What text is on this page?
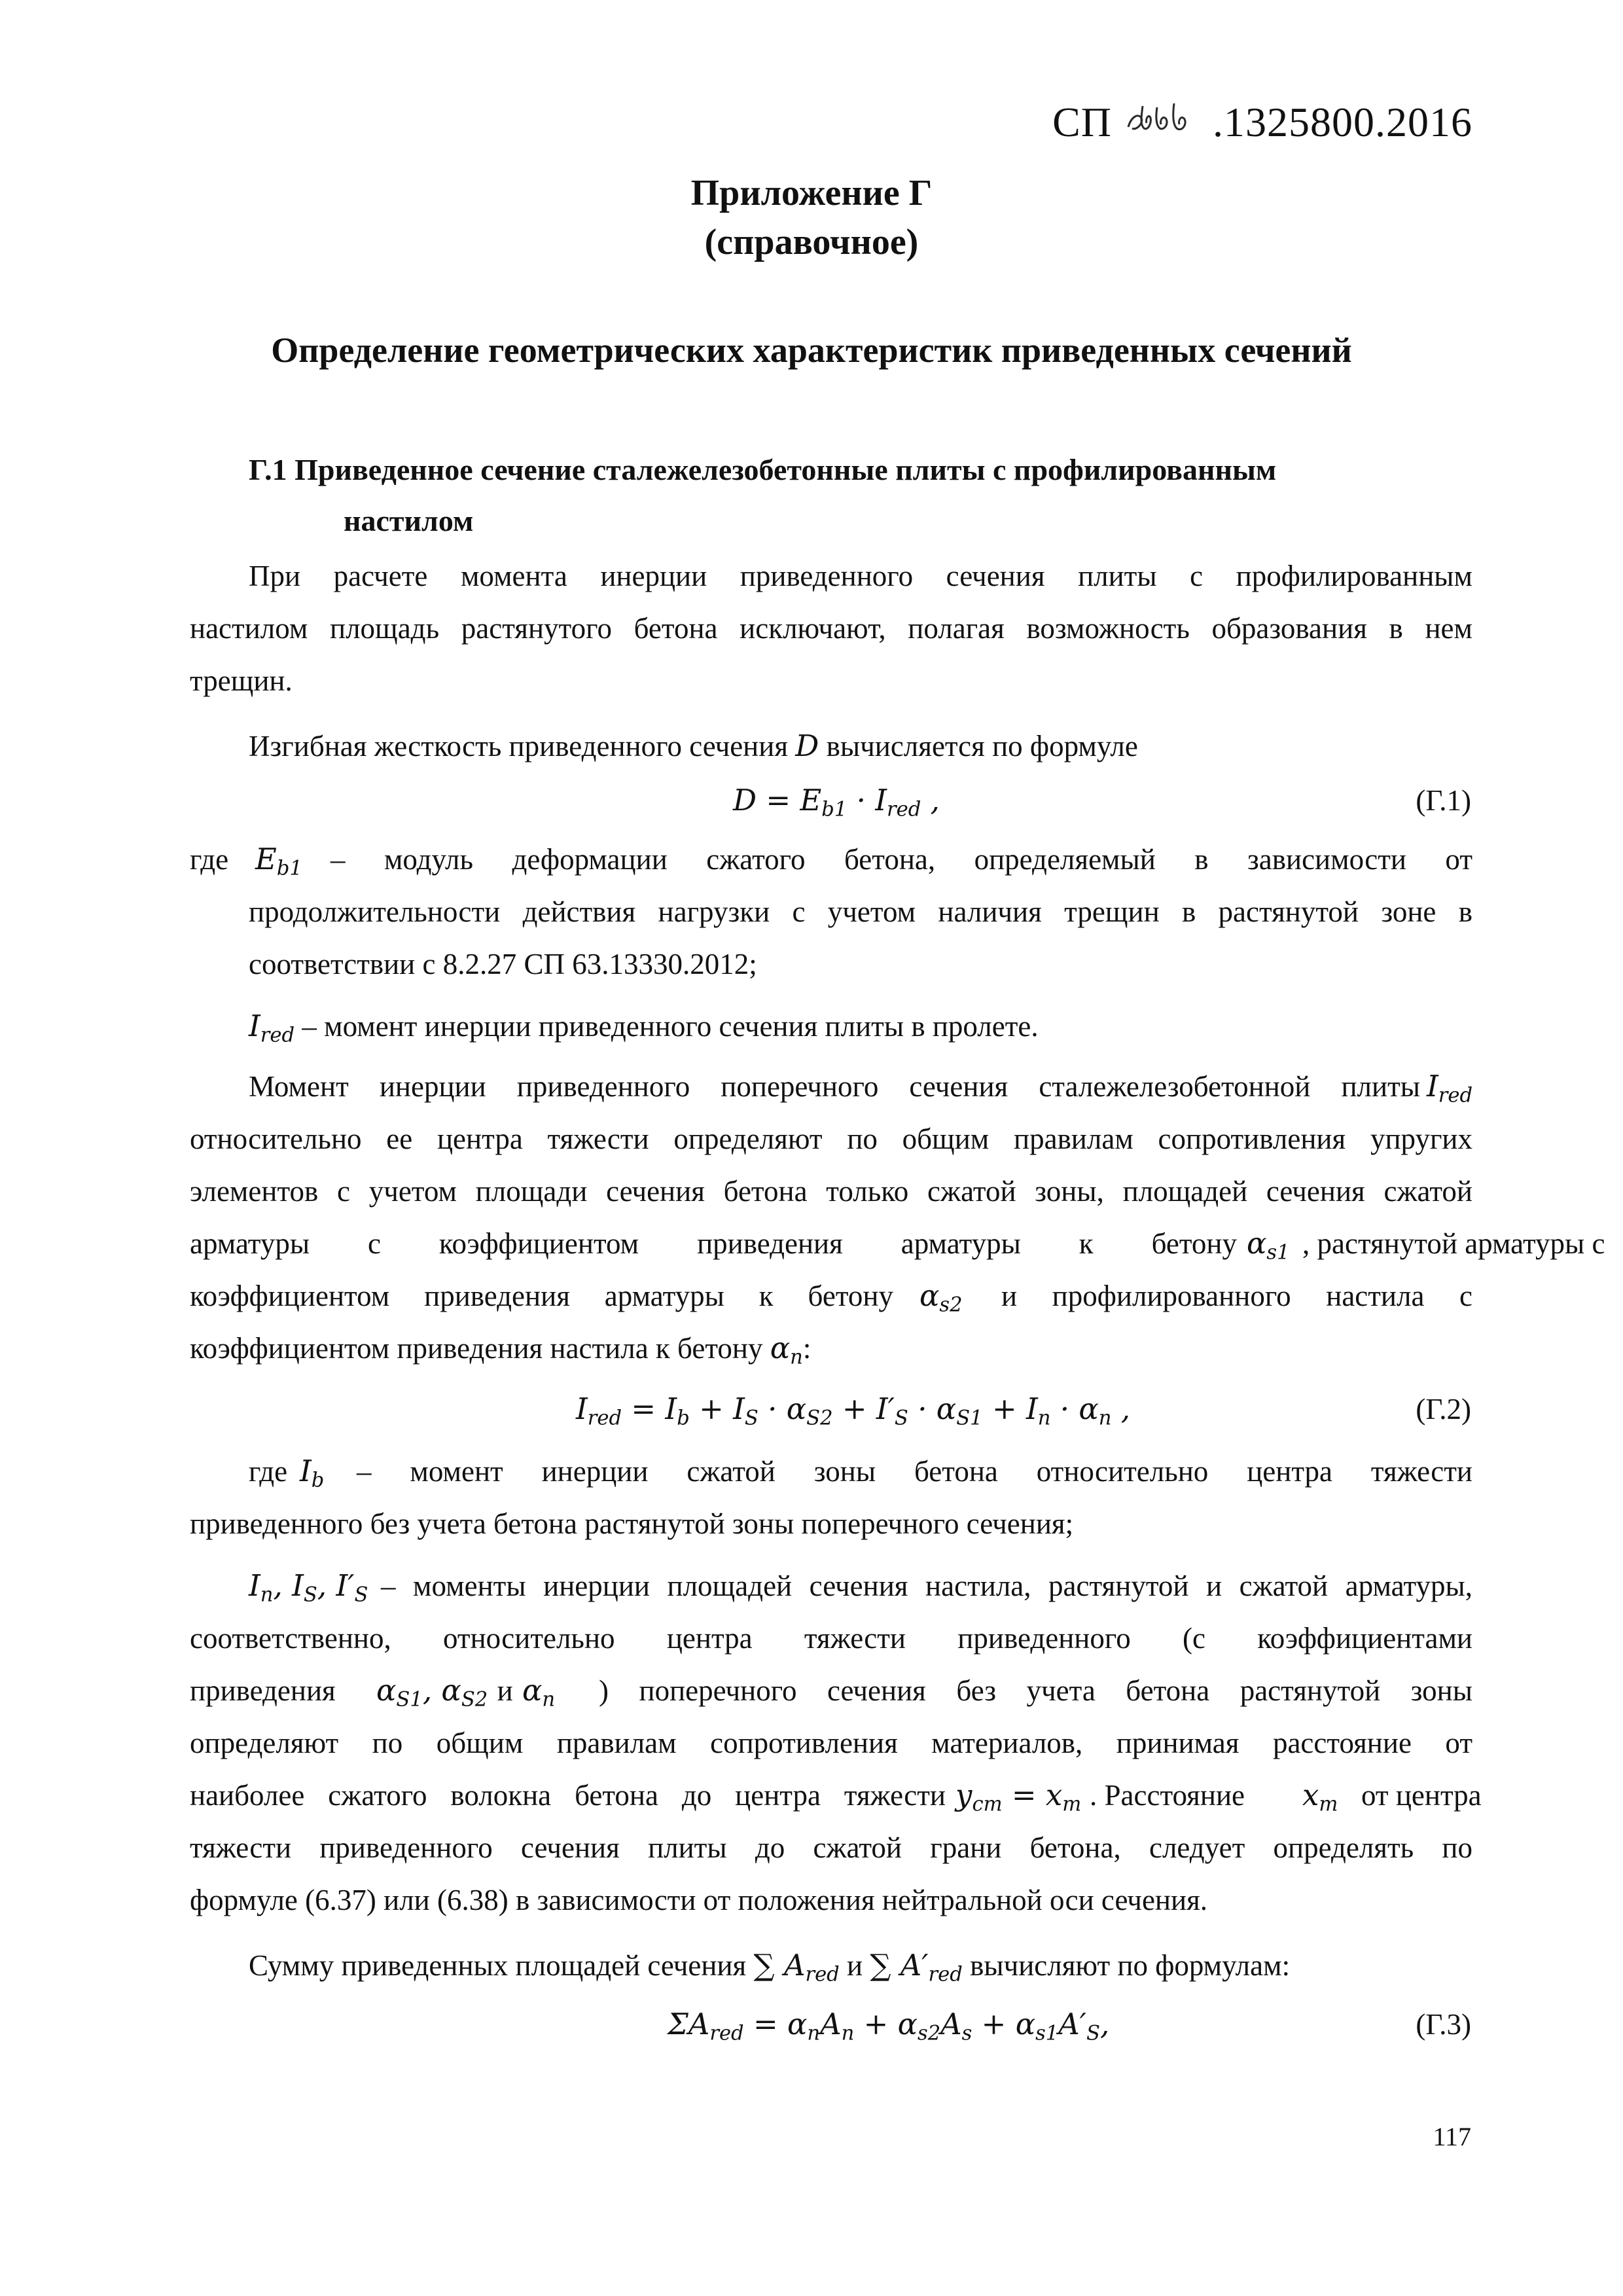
СП .1325800.2016
Приложение Г
(справочное)
Определение геометрических характеристик приведенных сечений
Г.1 Приведенное сечение сталежелезобетонные плиты с профилированным
настилом
При расчете момента инерции приведенного сечения плиты с профилированным
настилом площадь растянутого бетона исключают, полагая возможность образования в нем
трещин.
Изгибная жесткость приведенного сечения D вычисляется по формуле
$D = E_{b1} \cdot I_{red}$ ,	(Г.1)
где $E_{b1}$ – модуль деформации сжатого бетона, определяемый в зависимости от
продолжительности действия нагрузки с учетом наличия трещин в растянутой зоне в
соответствии с 8.2.27 СП 63.13330.2012;
$I_{red}$ – момент инерции приведенного сечения плиты в пролете.
Момент инерции приведенного поперечного сечения сталежелезобетонной плиты $I_{red}$
относительно ее центра тяжести определяют по общим правилам сопротивления упругих
элементов с учетом площади сечения бетона только сжатой зоны, площадей сечения сжатой
арматуры с коэффициентом приведения арматуры к бетону $\alpha_{s1}$ , растянутой арматуры с
коэффициентом приведения арматуры к бетону $\alpha_{s2}$ и профилированного настила с
коэффициентом приведения настила к бетону $\alpha_n$:
$I_{red} = I_b + I_S \cdot \alpha_{S2} + I'_S \cdot \alpha_{S1} + I_n \cdot \alpha_n$ ,	(Г.2)
где $I_b$ – момент инерции сжатой зоны бетона относительно центра тяжести
приведенного без учета бетона растянутой зоны поперечного сечения;
$I_n$, $I_S$, $I'_S$ – моменты инерции площадей сечения настила, растянутой и сжатой арматуры,
соответственно, относительно центра тяжести приведенного (с коэффициентами
приведения $\alpha_{S1}$, $\alpha_{S2}$ и $\alpha_n$ ) поперечного сечения без учета бетона растянутой зоны
определяют по общим правилам сопротивления материалов, принимая расстояние от
наиболее сжатого волокна бетона до центра тяжести $y_{cm} = x_m$ . Расстояние $x_m$ от центра
тяжести приведенного сечения плиты до сжатой грани бетона, следует определять по
формуле (6.37) или (6.38) в зависимости от положения нейтральной оси сечения.
Сумму приведенных площадей сечения ∑ $A_{red}$ и ∑ $A'_{red}$ вычисляют по формулам:
$\Sigma A_{red} = \alpha_nA_n + \alpha_{s2}A_s + \alpha_{s1}A'_S$,	(Г.3)
117
